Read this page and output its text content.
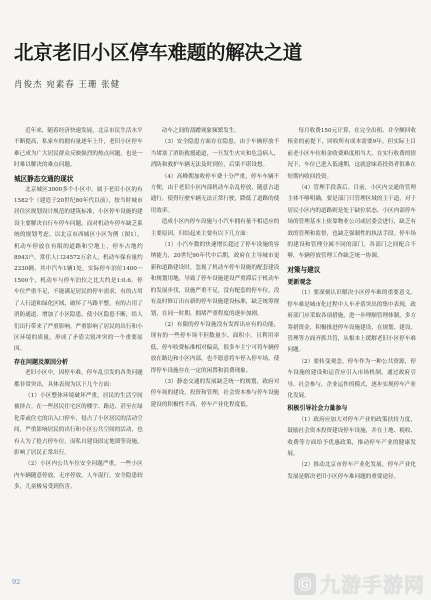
北京老旧小区停车难题的解决之道
肖俊杰 宛素春 王珊 张健

近年来，随着经济快速发展，北京市民生活水平不断提高，私家车的拥有量逐年上升，老旧小区停车难已成为广大居民群众反映强烈的热点问题，也是一时难以解决的难点问题。

城区静态交通的现状

北京城区3000多个小区中，属于老旧小区的有1582个（建造于20世纪80年代以前），按当时城市居住区规划设计规范的建筑标准，小区停车设施的建设主要解决自行车停车问题，而对机动车停车缺乏系统的规划考虑。以北京市西城区小区为例（图1）。机动车停放在有限的道路和空地上，停车占地约8943户，常住人口24572万余人，机动车保有量约2330辆，其中汽车1辆1处，实际停车泊位1400～1500个，机动车与停车泊位之比大约是1:0.6。停车位严重不足，不能满足居民的停车需求，有的占用了人行道和绿化区域，破坏了马路平整，有的占用了消防通道，增加了小区隐患，使小区隐患不断，给人们出行带来了严重影响，严重影响了居民的出行和小区环境的质量，形成了矛盾尖锐冲突的一个重要原因。

存在问题及原因分析

老旧小区中，因停车难，停车乱引发的各类问题都非常突出，具体表现为以下几个方面：

（1）小区整体环境破坏严重，居民的生活空间被挤占。在一些居民住宅区的楼宇、路边、甚至在绿化带或住宅的出入口停车，侵占了小区居民的活动空间，严重影响居民的出行和小区公共空间的活动，也有人为了抢占停车位，而私自建设固定地锁等设施，影响了居民正常出行。

（2）小区内公共车位安全问题严重，一些小区内车辆随意停放，无序停放，人车混行，安全隐患较多，儿童极易受到伤害。

动车之间的刮蹭现象频繁发生。

（3）安全隐患方面存在隐患。由于车辆停放不当堵塞了消防救援通道，一旦发生火灾和危急病人，消防和救护车辆无法及时到位，后果不堪设想。

（4）高峰期加收停车费十分严重，停车车辆不方便，由于老旧小区内部机动车杂乱停放，随意占道通行，使得行驶车辆无法正常行驶，降低了道路的使用效率。

造成小区内停车设施与小汽车拥有量不相适应的主要原因，归结起来主要有以下几方面：

（1）小汽车数的快速增长超过了停车设施的容纳能力，20世纪90年代中后期，政府在主导城市更新和道路建设时，忽视了机动车停车设施的配套建设和规划用地，导致了停车设施建设严重滞后于机动车的发展步伐，设施严重不足，没有配套的停车位，没有及时修订出台新的停车设施建设标准，缺乏统筹规划，在同一时期，拥堵严重程度的逐步加剧。

（2）有限的停车设施没有发挥出应有的功能，现有的一些停车场不但数量少、面积小，且利用率低，停车收费标准相对偏高，很多车主宁可将车辆停放在路边和小区内部，也不愿意将车停入停车场，使得停车设施存在一定的闲置和浪费现象。

（3）静态交通的发展缺乏统一的规划，政府对停车场的建设，投资和管理，社会资本参与停车设施建设的积极性不高，停车产业化程度低。

每月收费150元计算，在完全出租、并全额回收租金的前提下，回收所有成本需要9年。但实际上目前老小区车位租金收费难度相当大，在实行收费的情况下，车位已进入低速期，这就意味着投资者很难在短期内收回投资。

（4）管理手段落后。目前，小区内交通的管理主体不够明确，要是部门只管理区域的主干道，对于居民小区内的道路则是处于缺位状态，小区内部停车场的管理基本上依靠物业公司或居委会进行，缺乏有效的管理和监督，也缺乏强制性的执法手段。停车场的建设和管理分属不同的部门，各部门之间配合不够，车辆停放管理工作缺乏统一协调。

对策与建议
更新观念

（1）要深刻认识解决小区停车难的重要意义。停车难是城市化过程中人车矛盾突出的集中表现，政府部门应采取各项措施，进一步理顺管理体制，多方筹措资金，积极推进停车设施建设，在规划、建设、管理等方面齐抓共管，从根本上缓解老旧小区停车难问题。

（2）要转变观念，停车作为一种公共资源，停车设施的建设和运营应引入市场机制，通过政府引导、社会参与、企业运作的模式，逐步实现停车产业化发展。

积极引导社会力量参与

（1）政府应加大对停车产业的政策扶持力度，鼓励社会资本投资建设停车设施，并在土地、税收、收费等方面给予优惠政策，推动停车产业的健康发展。

（2）推动北京市停车产业化发展。停车产业化发展是解决老旧小区停车难问题的重要途径。

92	Ⓖ 九游手游网
